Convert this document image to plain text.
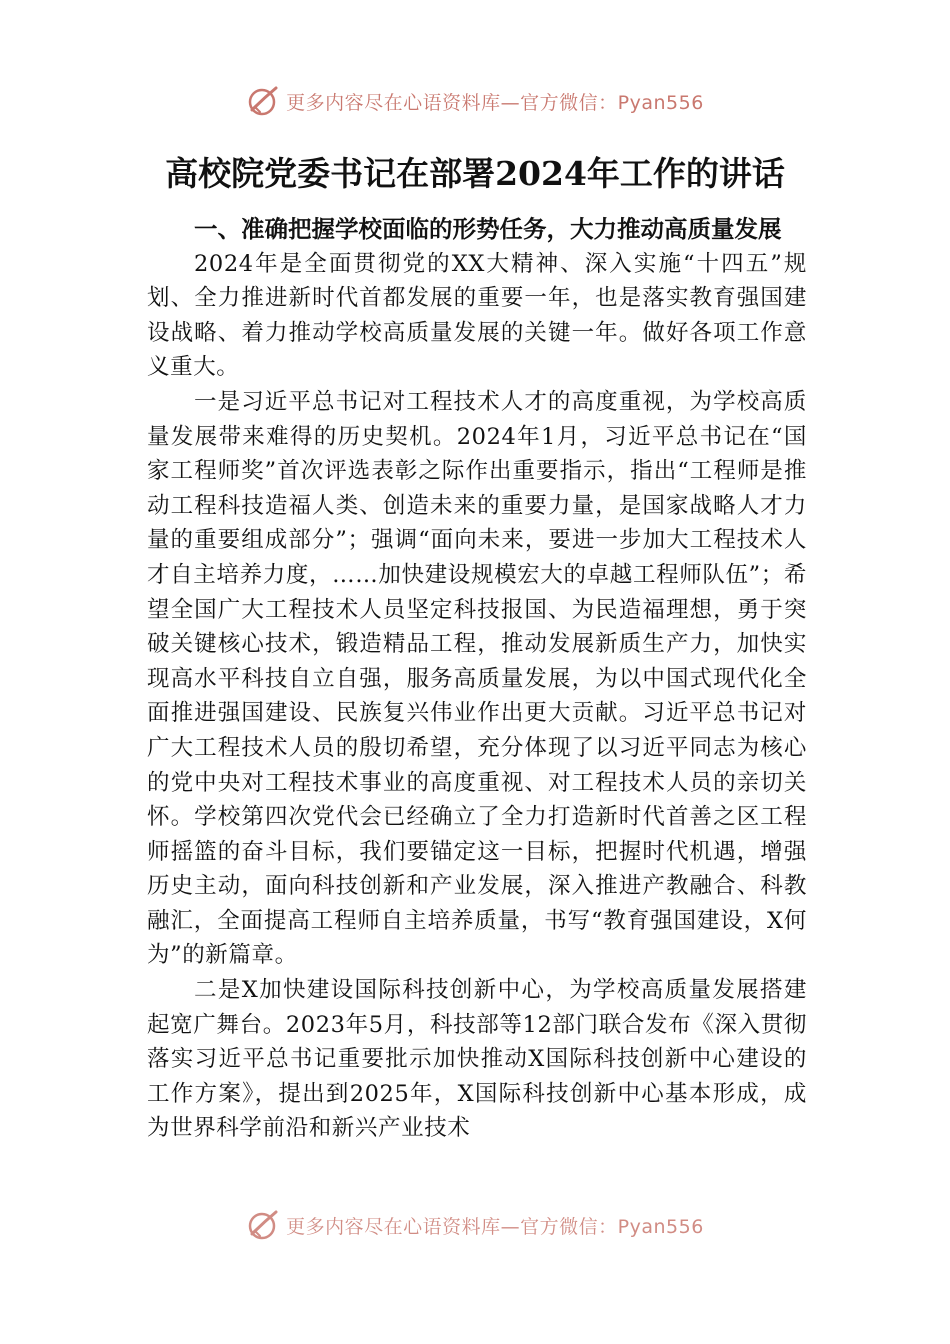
更多内容尽在心语资料库—官方微信：Pyan556
高校院党委书记在部署2024年工作的讲话

一、准确把握学校面临的形势任务，大力推动高质量发展

2024年是全面贯彻党的XX大精神、深入实施“十四五”规划、全力推进新时代首都发展的重要一年，也是落实教育强国建设战略、着力推动学校高质量发展的关键一年。做好各项工作意义重大。

一是习近平总书记对工程技术人才的高度重视，为学校高质量发展带来难得的历史契机。2024年1月，习近平总书记在“国家工程师奖”首次评选表彰之际作出重要指示，指出“工程师是推动工程科技造福人类、创造未来的重要力量，是国家战略人才力量的重要组成部分”；强调“面向未来，要进一步加大工程技术人才自主培养力度，……加快建设规模宏大的卓越工程师队伍”；希望全国广大工程技术人员坚定科技报国、为民造福理想，勇于突破关键核心技术，锻造精品工程，推动发展新质生产力，加快实现高水平科技自立自强，服务高质量发展，为以中国式现代化全面推进强国建设、民族复兴伟业作出更大贡献。习近平总书记对广大工程技术人员的殷切希望，充分体现了以习近平同志为核心的党中央对工程技术事业的高度重视、对工程技术人员的亲切关怀。学校第四次党代会已经确立了全力打造新时代首善之区工程师摇篮的奋斗目标，我们要锚定这一目标，把握时代机遇，增强历史主动，面向科技创新和产业发展，深入推进产教融合、科教融汇，全面提高工程师自主培养质量，书写“教育强国建设，X何为”的新篇章。

二是X加快建设国际科技创新中心，为学校高质量发展搭建起宽广舞台。2023年5月，科技部等12部门联合发布《深入贯彻落实习近平总书记重要批示加快推动X国际科技创新中心建设的工作方案》，提出到2025年，X国际科技创新中心基本形成，成为世界科学前沿和新兴产业技术

更多内容尽在心语资料库—官方微信：Pyan556
